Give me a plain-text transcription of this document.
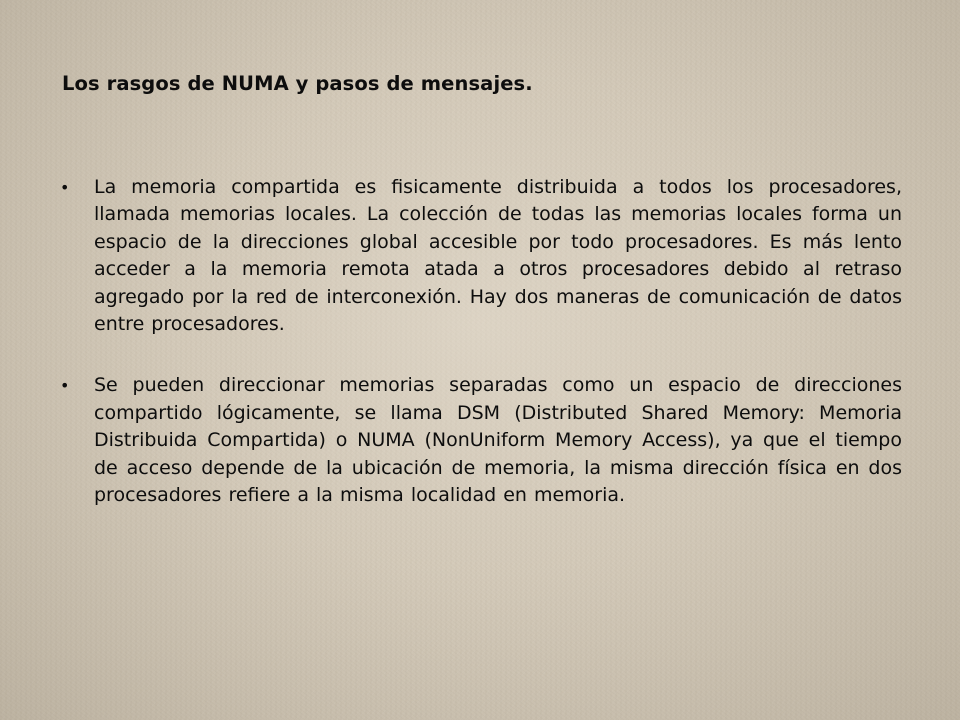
Los rasgos de NUMA y pasos de mensajes.
• La memoria compartida es fisicamente distribuida a todos los procesadores, llamada memorias locales. La colección de todas las memorias locales forma un espacio de la direcciones global accesible por todo procesadores. Es más lento acceder a la memoria remota atada a otros procesadores debido al retraso agregado por la red de interconexión. Hay dos maneras de comunicación de datos entre procesadores.
• Se pueden direccionar memorias separadas como un espacio de direcciones compartido lógicamente, se llama DSM (Distributed Shared Memory: Memoria Distribuida Compartida) o NUMA (NonUniform Memory Access), ya que el tiempo de acceso depende de la ubicación de memoria, la misma dirección física en dos procesadores refiere a la misma localidad en memoria.
